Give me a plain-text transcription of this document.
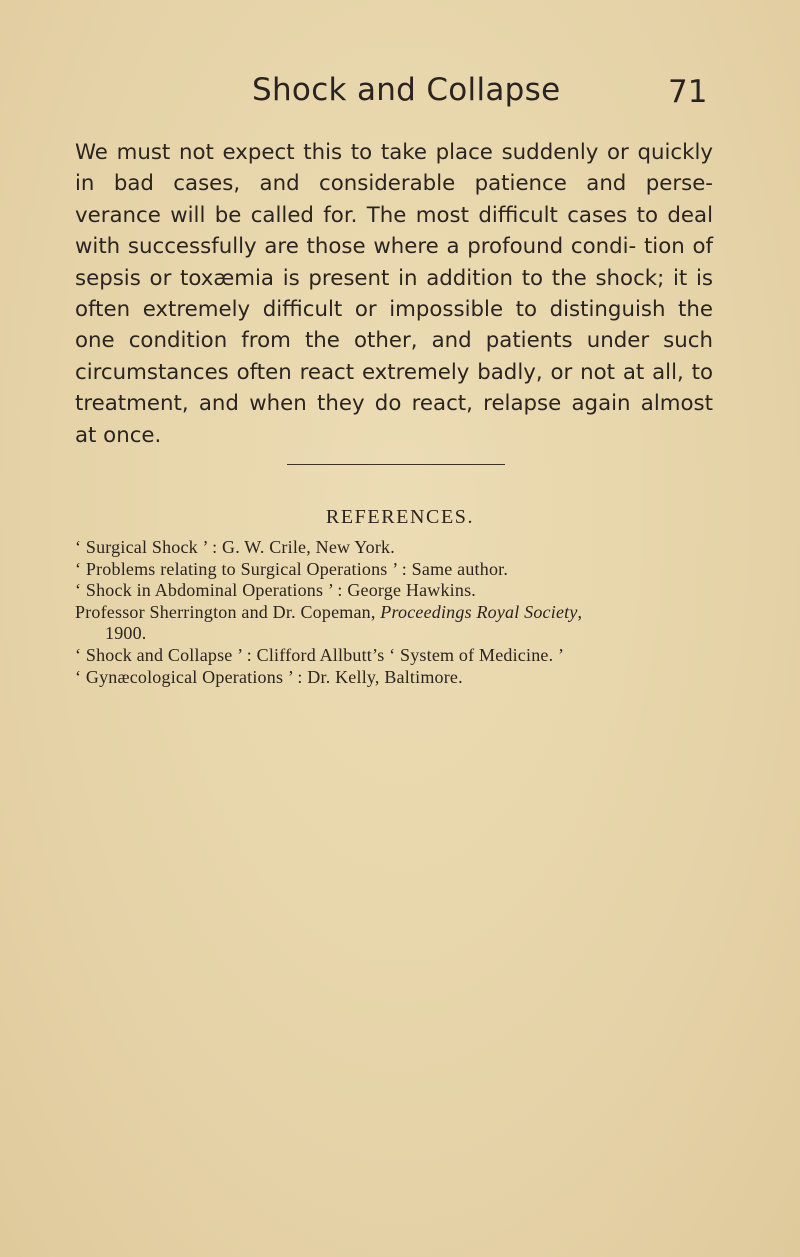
Shock and Collapse	71

We must not expect this to take place suddenly or quickly in bad cases, and considerable patience and perse- verance will be called for. The most difficult cases to deal with successfully are those where a profound condi- tion of sepsis or toxæmia is present in addition to the shock; it is often extremely difficult or impossible to distinguish the one condition from the other, and patients under such circumstances often react extremely badly, or not at all, to treatment, and when they do react, relapse again almost at once.

REFERENCES.
‘ Surgical Shock ’ : G. W. Crile, New York.
‘ Problems relating to Surgical Operations ’ : Same author.
‘ Shock in Abdominal Operations ’ : George Hawkins.
Professor Sherrington and Dr. Copeman, Proceedings Royal Society,
1900.
‘ Shock and Collapse ’ : Clifford Allbutt’s ‘ System of Medicine. ’
‘ Gynæcological Operations ’ : Dr. Kelly, Baltimore.
